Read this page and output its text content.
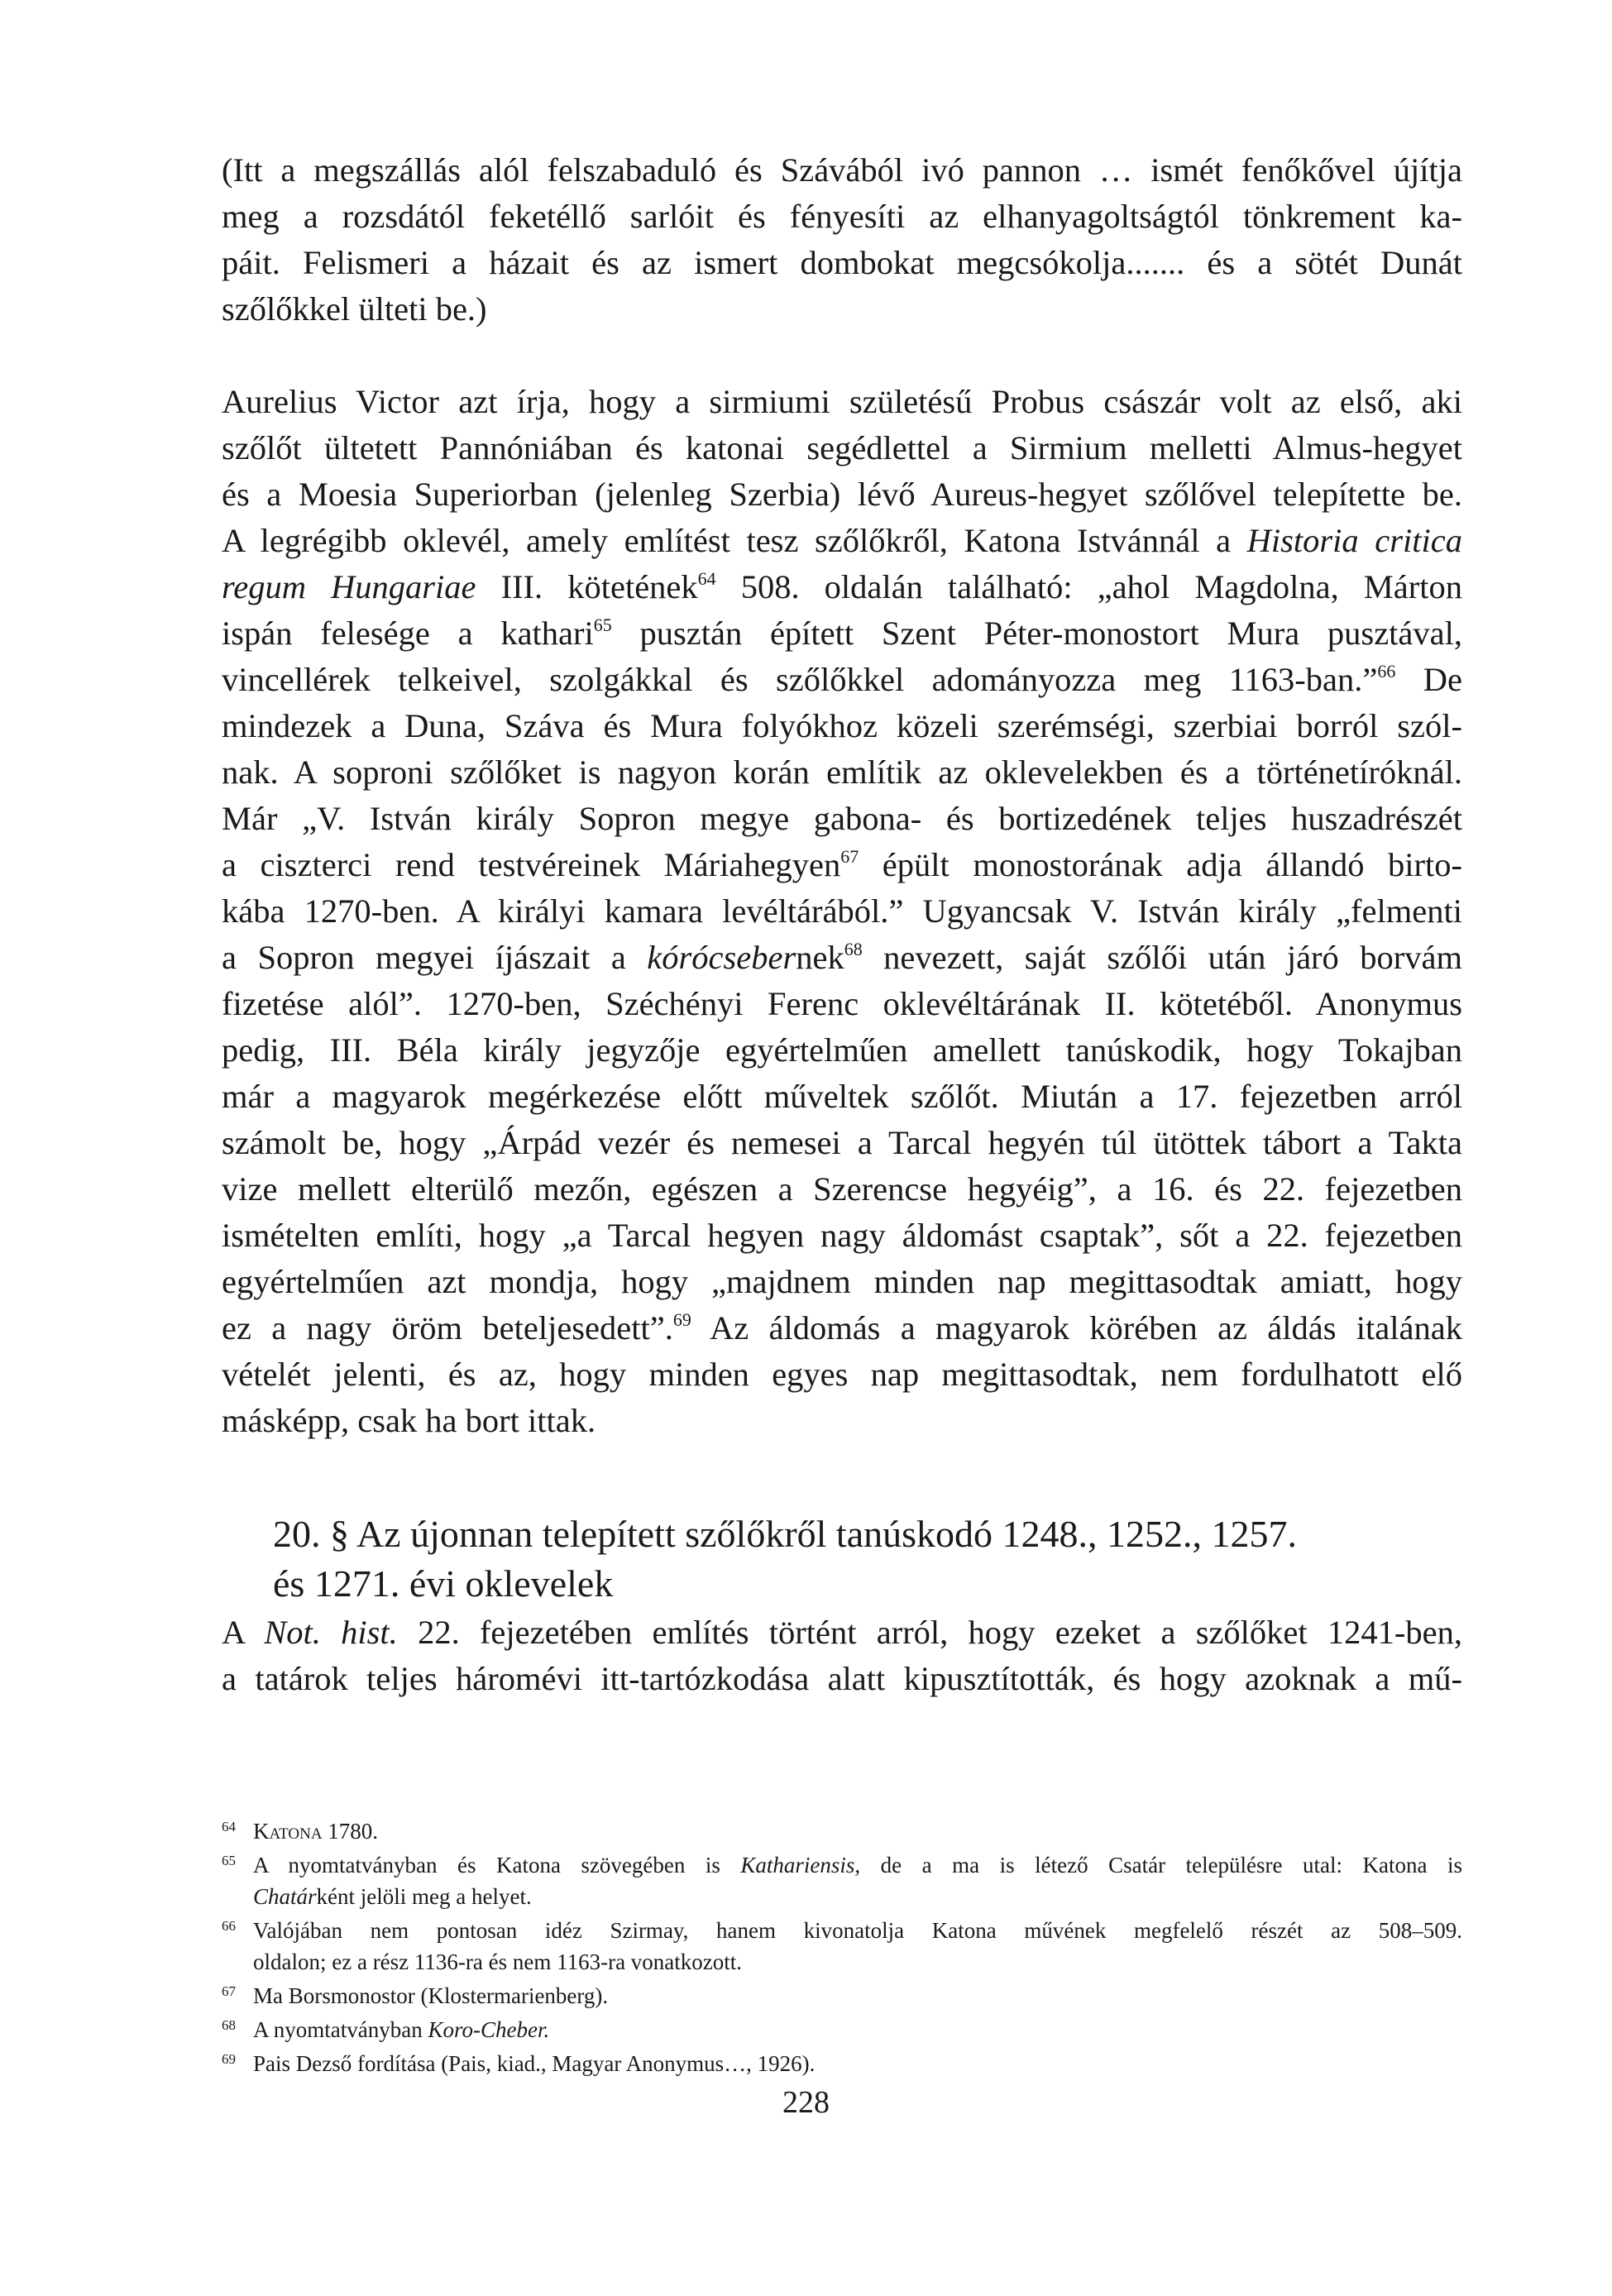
(Itt a megszállás alól felszabaduló és Szávából ivó pannon … ismét fenőkővel újítja
meg a rozsdától feketéllő sarlóit és fényesíti az elhanyagoltságtól tönkrement ka-
páit. Felismeri a házait és az ismert dombokat megcsókolja....... és a sötét Dunát
szőlőkkel ülteti be.)

Aurelius Victor azt írja, hogy a sirmiumi születésű Probus császár volt az első, aki
szőlőt ültetett Pannóniában és katonai segédlettel a Sirmium melletti Almus-hegyet
és a Moesia Superiorban (jelenleg Szerbia) lévő Aureus-hegyet szőlővel telepítette be.
A legrégibb oklevél, amely említést tesz szőlőkről, Katona Istvánnál a Historia critica
regum Hungariae III. kötetének$^{64}$ 508. oldalán található: „ahol Magdolna, Márton
ispán felesége a kathari$^{65}$ pusztán épített Szent Péter-monostort Mura pusztával,
vincellérek telkeivel, szolgákkal és szőlőkkel adományozza meg 1163-ban.”$^{66}$ De
mindezek a Duna, Száva és Mura folyókhoz közeli szerémségi, szerbiai borról szól-
nak. A soproni szőlőket is nagyon korán említik az oklevelekben és a történetíróknál.
Már „V. István király Sopron megye gabona- és bortizedének teljes huszadrészét
a ciszterci rend testvéreinek Máriahegyen$^{67}$ épült monostorának adja állandó birto-
kába 1270-ben. A királyi kamara levéltárából.” Ugyancsak V. István király „felmenti
a Sopron megyei íjászait a kórócsebernek$^{68}$ nevezett, saját szőlői után járó borvám
fizetése alól”. 1270-ben, Széchényi Ferenc oklevéltárának II. kötetéből. Anonymus
pedig, III. Béla király jegyzője egyértelműen amellett tanúskodik, hogy Tokajban
már a magyarok megérkezése előtt műveltek szőlőt. Miután a 17. fejezetben arról
számolt be, hogy „Árpád vezér és nemesei a Tarcal hegyén túl ütöttek tábort a Takta
vize mellett elterülő mezőn, egészen a Szerencse hegyéig”, a 16. és 22. fejezetben
ismételten említi, hogy „a Tarcal hegyen nagy áldomást csaptak”, sőt a 22. fejezetben
egyértelműen azt mondja, hogy „majdnem minden nap megittasodtak amiatt, hogy
ez a nagy öröm beteljesedett”.$^{69}$ Az áldomás a magyarok körében az áldás italának
vételét jelenti, és az, hogy minden egyes nap megittasodtak, nem fordulhatott elő
másképp, csak ha bort ittak.

20. § Az újonnan telepített szőlőkről tanúskodó 1248., 1252., 1257.
és 1271. évi oklevelek

A Not. hist. 22. fejezetében említés történt arról, hogy ezeket a szőlőket 1241-ben,
a tatárok teljes háromévi itt-tartózkodása alatt kipusztították, és hogy azoknak a mű-

64 Katona 1780.
65 A nyomtatványban és Katona szövegében is Kathariensis, de a ma is létező Csatár településre utal: Katona is
Chatárként jelöli meg a helyet.
66 Valójában nem pontosan idéz Szirmay, hanem kivonatolja Katona művének megfelelő részét az 508–509.
oldalon; ez a rész 1136-ra és nem 1163-ra vonatkozott.
67 Ma Borsmonostor (Klostermarienberg).
68 A nyomtatványban Koro-Cheber.
69 Pais Dezső fordítása (Pais, kiad., Magyar Anonymus…, 1926).
228
